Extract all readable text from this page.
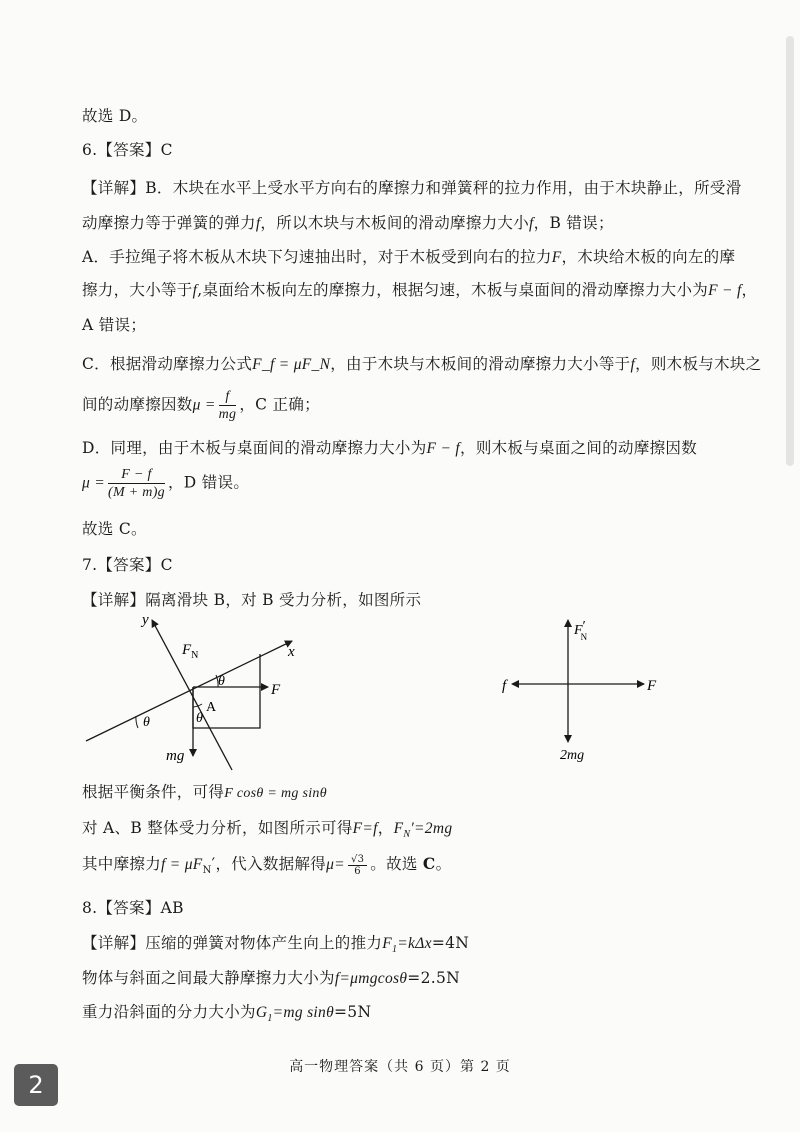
故选 D。
6.【答案】C
【详解】B．木块在水平上受水平方向右的摩擦力和弹簧秤的拉力作用，由于木块静止，所受滑
动摩擦力等于弹簧的弹力f，所以木块与木板间的滑动摩擦力大小f，B 错误；
A．手拉绳子将木板从木块下匀速抽出时，对于木板受到向右的拉力F，木块给木板的向左的摩
擦力，大小等于f,桌面给木板向左的摩擦力，根据匀速，木板与桌面间的滑动摩擦力大小为F − f，
A 错误；
C．根据滑动摩擦力公式F_f = μF_N，由于木块与木板间的滑动摩擦力大小等于f，则木板与木块之
间的动摩擦因数$\mu = \frac{f}{mg}$ ，C 正确；
D．同理，由于木板与桌面间的滑动摩擦力大小为F − f，则木板与桌面之间的动摩擦因数
$\mu = \frac{F - f}{(M + m)g}$ ，D 错误。
故选 C。
7.【答案】C
【详解】隔离滑块 B，对 B 受力分析，如图所示
y
x
$F_N$
θ
F
A
θ
θ
mg
F′ N
f	F
2mg
根据平衡条件，可得F cosθ = mg sinθ
对 A、B 整体受力分析，如图所示可得F=f，$F_N'=2mg$
其中摩擦力$f = \mu F_N'$，代入数据解得$\mu= \frac{√3}{6}$ 。故选 C。
8.【答案】AB
【详解】压缩的弹簧对物体产生向上的推力$F_1=k\Delta x=4N$
物体与斜面之间最大静摩擦力大小为f=μmgcosθ=2.5N
重力沿斜面的分力大小为$G_1=mg$ sinθ=5N
高一物理答案（共 6 页）第 2 页
2
